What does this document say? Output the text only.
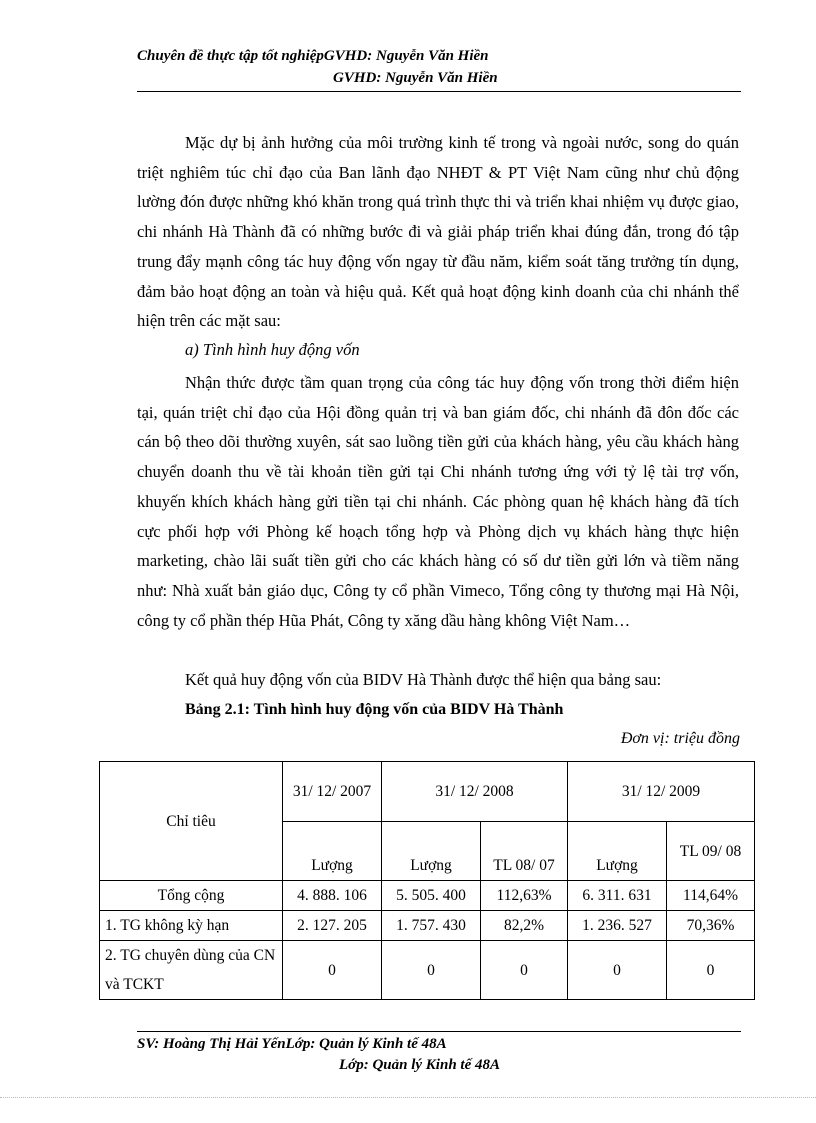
Chuyên đề thực tập tốt nghiệpGVHD: Nguyễn Văn Hiền
GVHD: Nguyễn Văn Hiền

Mặc dự bị ảnh hưởng của môi trường kinh tế trong và ngoài nước, song do quán triệt nghiêm túc chỉ đạo của Ban lãnh đạo NHĐT & PT Việt Nam cũng như chủ động lường đón được những khó khăn trong quá trình thực thi và triển khai nhiệm vụ được giao, chi nhánh Hà Thành đã có những bước đi và giải pháp triển khai đúng đắn, trong đó tập trung đẩy mạnh công tác huy động vốn ngay từ đầu năm, kiểm soát tăng trưởng tín dụng, đảm bảo hoạt động an toàn và hiệu quả. Kết quả hoạt động kinh doanh của chi nhánh thể hiện trên các mặt sau:

a) Tình hình huy động vốn

Nhận thức được tầm quan trọng của công tác huy động vốn trong thời điểm hiện tại, quán triệt chỉ đạo của Hội đồng quản trị và ban giám đốc, chi nhánh đã đôn đốc các cán bộ theo dõi thường xuyên, sát sao luồng tiền gửi của khách hàng, yêu cầu khách hàng chuyển doanh thu về tài khoản tiền gửi tại Chi nhánh tương ứng với tỷ lệ tài trợ vốn, khuyến khích khách hàng gửi tiền tại chi nhánh. Các phòng quan hệ khách hàng đã tích cực phối hợp với Phòng kế hoạch tổng hợp và Phòng dịch vụ khách hàng thực hiện marketing, chào lãi suất tiền gửi cho các khách hàng có số dư tiền gửi lớn và tiềm năng như: Nhà xuất bản giáo dục, Công ty cổ phần Vimeco, Tổng công ty thương mại Hà Nội, công ty cổ phần thép Hũa Phát, Công ty xăng dầu hàng không Việt Nam…

Kết quả huy động vốn của BIDV Hà Thành được thể hiện qua bảng sau:

Bảng 2.1: Tình hình huy động vốn của BIDV Hà Thành
Đơn vị: triệu đồng
Chỉ tiêu	31/ 12/ 2007	31/ 12/ 2008		31/ 12/ 2009	
	Lượng	Lượng	TL 08/ 07	Lượng	TL 09/ 08
Tổng cộng	4. 888. 106	5. 505. 400	112,63%	6. 311. 631	114,64%
1. TG không kỳ hạn	2. 127. 205	1. 757. 430	82,2%	1. 236. 527	70,36%
2. TG chuyên dùng của CN và TCKT	0	0	0	0	0
SV: Hoàng Thị Hải YếnLớp: Quản lý Kinh tế 48A
Lớp: Quản lý Kinh tế 48A
